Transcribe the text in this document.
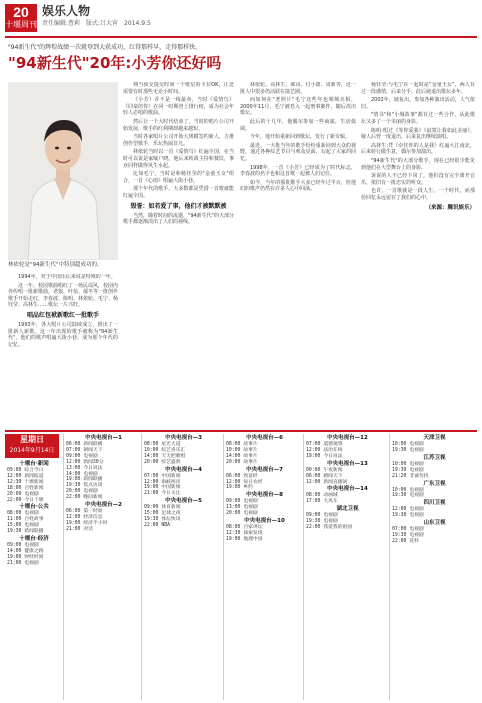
20
十堰周刊
娱乐人物
责任编辑:曹莉　版式:吕大宵　2014.9.5
"94新生代"的辉煌战绩一次就登到大获成功，红得那样早，走得那样快。
"94新生代"20年:小芳你还好吗
林依轮是"94新生代"中特别超成功的。

1994年，对于中国乐坛来说是特殊的一年。

这一年，校园歌曲唱红了一场民谣风，校园内外传唱一批新歌曲，老狼、叶蓓、郁冬等一批创作歌手开始走红，李春波、陈明、林依轮、毛宁、杨钰莹、高林生……歌坛一片兴旺。

唱品红包袱新歌红一批歌手

1993年，各大唱片公司陆续成立，推出了一批新人新歌。这一年出现的歌手被称为"94新生代"。他们的歌声唱遍大街小巷，成为那个年代的记忆。

翔当我交提交时间一个歌星的卡拉OK，让还需要有时那些无论小时间。

《小芳》并不是一线最卖，当时《爱情鸟》《同桌的你》在同一时期登上排行榜，成为社会年轻人必唱的歌曲。

然后让一个大时代结束了，当时的唱片公司开始发展，歌手的红利期却越来越短。

当时各家唱片公司开始大规模签约新人，力推创作型歌手，乐坛热闹非凡。

林依轮当时以一首《爱情鸟》红遍全国，在当时可以说是家喻户晓。他后来转战主持和餐饮，事业同样做得风生水起。

比如毛宁，当时是和杨钰莹的"金童玉女"组合，一首《心雨》唱遍大街小巷。

那个年代的歌手，大多数都是凭借一首歌就能红遍全国。

毁誉：如若爱了事，他们才被默默被

当然，随着时间的流逝，"94新生代"的大部分歌手都逐渐淡出了人们的视线。

林依轮、高林生、郝哥、付小荫、周新等，这一批人中很多仍活跃在演艺圈。

而如何在"老照片"毛宁这些年也频频亮相，2000年11月，毛宁被卷入一起刑事案件，随后淡出歌坛。

此后的十几年，他偶尔参加一些商演，生活低调。

今年，他开始重新回到歌坛，发行了新专辑。

最近，一大批当年的歌手纷纷重新回到大众的视野，通过各种综艺节目与观众见面，勾起了大家的回忆。

1998年，一首《小芳》已经成为了时代标志，李春波的名字也和这首歌一起被人们记住。

如今，当年的那批歌手大多已经年过半百，但他们的歌声仍然在许多人心中回荡。

杨钰莹:与毛宁在一起时是“金童玉女”，两人有过一段感情，后来分手。此后她退出歌坛多年。

2002年，她复出，参加各种演出活动，人气依旧。

"情书"和"小城故事"都有过一些合作，从此歌坛又多了一个美丽的身影。

陈明:唱过《等你爱我》《寂寞让我如此美丽》，嫁人后曾一度退出，后来复出继续演唱。

高林生:凭《牵挂你的人是我》红遍大江南北，后来转行做生意，偶尔参加演出。

"94新生代"的大部分歌手，现在已经很少能见到他们在大型舞台上的身影。

诉说的人不已经下岗了，他们没有完全离开音乐，依旧有一批忠实的听众。

也许，一首歌就是一段人生，一个时代，而那份回忆永远留在了我们的心中。

（来源：腾讯娱乐）
星期日
2014年9月14日
十堰台·新闻
09:00 综合今日
12:00 新闻报道
12:30 十堰新闻
18:00 百姓新闻
20:00 电视剧
22:00 今日十堰
十堰台·公共
08:00 电视剧
11:00 百姓故事
15:00 电视剧
19:30 新闻联播
十堰台·经济
09:00 电视剧
14:00 健康之路
19:00 财经时间
21:00 电视剧
中央电视台—1
06:00 新闻联播
07:00 朝闻天下
09:00 电视剧
12:00 新闻30分
13:00 今日说法
14:00 电视剧
19:00 新闻联播
19:30 焦点访谈
20:00 电视剧
22:00 晚间新闻
中央电视台—2
06:00 第一时间
12:00 经济信息
19:00 经济半小时
21:00 对话
中央电视台—3
08:00 星光大道
10:00 综艺喜乐汇
14:00 天天把歌唱
20:00 综艺盛典
中央电视台—4
07:00 中国新闻
12:00 海峡两岸
19:00 中国新闻
21:00 今日关注
中央电视台—5
09:00 体育新闻
15:00 足球之夜
19:30 体坛快讯
22:00 NBA
中央电视台—6
08:00 故事片
10:00 故事片
14:00 故事片
20:00 故事片
中央电视台—7
06:00 致富经
12:00 每日农经
19:00 乡约
中央电视台—8
09:00 电视剧
13:00 电视剧
20:00 电视剧
中央电视台—10
08:00 百家讲坛
12:30 探索发现
19:00 地理中国
中央电视台—12
07:00 道德观察
12:00 法治在线
19:00 今日说法
中央电视台—13
00:00 午夜新闻
06:00 朝闻天下
12:00 新闻直播间
中央电视台—14
08:00 动画城
17:00 大风车
湖北卫视
09:00 电视剧
19:30 电视剧
22:00 我爱我的祖国
天津卫视
10:00 电视剧
19:30 电视剧
江苏卫视
10:00 电视剧
19:30 电视剧
21:20 非诚勿扰
广东卫视
10:00 电视剧
19:30 电视剧
四川卫视
12:00 电视剧
19:30 电视剧
山东卫视
07:00 电视剧
19:30 电视剧
22:00 花样
